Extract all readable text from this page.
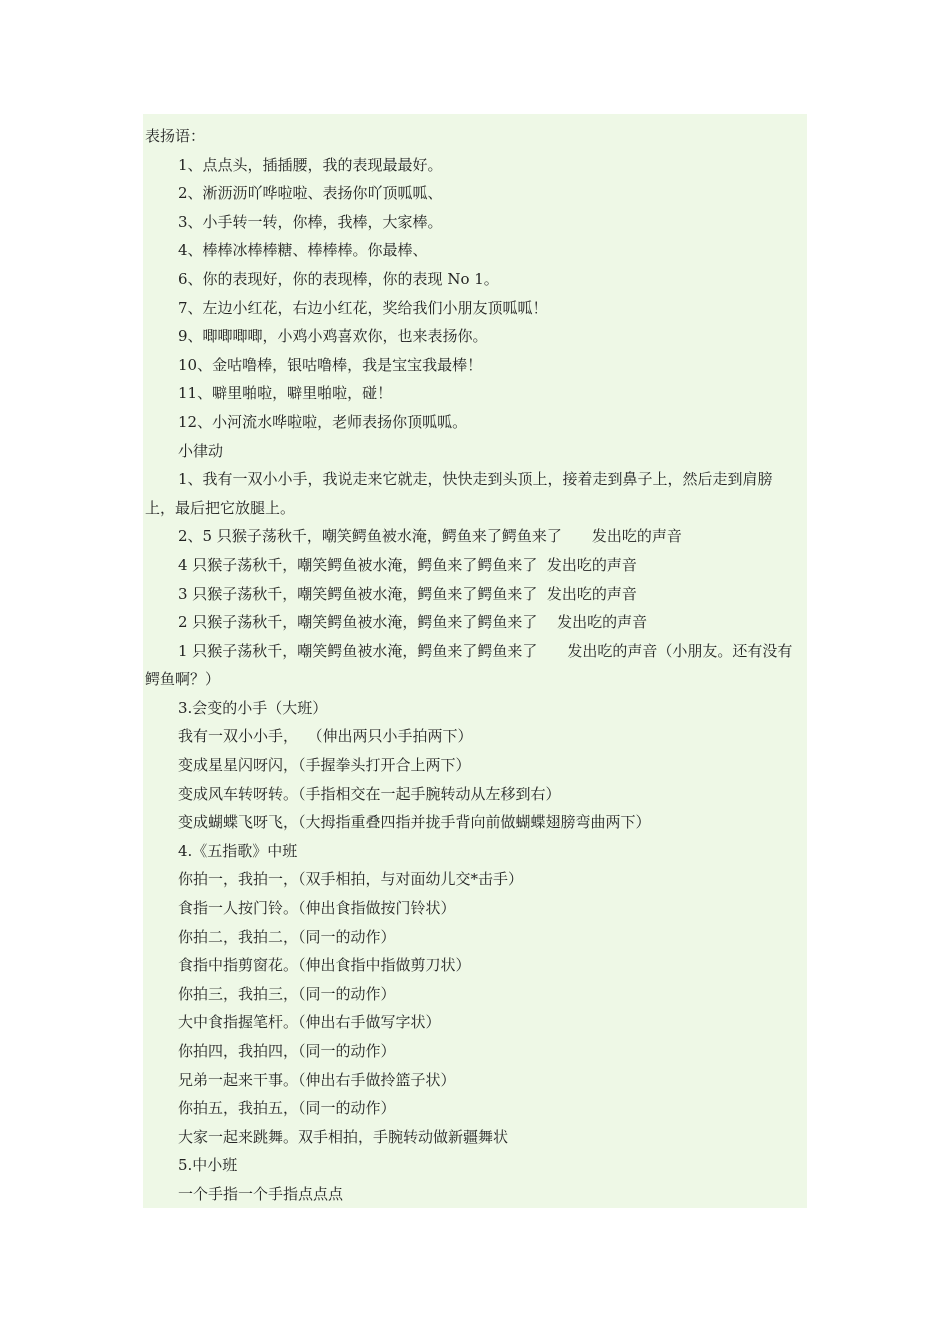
表扬语：

1、点点头，插插腰，我的表现最最好。

2、淅沥沥吖哗啦啦、表扬你吖顶呱呱、

3、小手转一转，你棒，我棒，大家棒。

4、棒棒冰棒棒糖、棒棒棒。你最棒、

6、你的表现好，你的表现棒，你的表现 No 1。

7、左边小红花，右边小红花，奖给我们小朋友顶呱呱！

9、唧唧唧唧，小鸡小鸡喜欢你，也来表扬你。

10、金咕噜棒，银咕噜棒，我是宝宝我最棒！

11、噼里啪啦，噼里啪啦，碰！

12、小河流水哗啦啦，老师表扬你顶呱呱。

小律动

1、我有一双小小手，我说走来它就走，快快走到头顶上，接着走到鼻子上，然后走到肩膀上，最后把它放腿上。

2、5 只猴子荡秋千，嘲笑鳄鱼被水淹，鳄鱼来了鳄鱼来了　　发出吃的声音

4 只猴子荡秋千，嘲笑鳄鱼被水淹，鳄鱼来了鳄鱼来了  发出吃的声音

3 只猴子荡秋千，嘲笑鳄鱼被水淹，鳄鱼来了鳄鱼来了  发出吃的声音

2 只猴子荡秋千，嘲笑鳄鱼被水淹，鳄鱼来了鳄鱼来了　 发出吃的声音

1 只猴子荡秋千，嘲笑鳄鱼被水淹，鳄鱼来了鳄鱼来了　　发出吃的声音（小朋友。还有没有鳄鱼啊？）

3.会变的小手（大班）

我有一双小小手，  （伸出两只小手拍两下）

变成星星闪呀闪，（手握拳头打开合上两下）

变成风车转呀转。（手指相交在一起手腕转动从左移到右）

变成蝴蝶飞呀飞，（大拇指重叠四指并拢手背向前做蝴蝶翅膀弯曲两下）

4.《五指歌》中班

你拍一，我拍一，（双手相拍，与对面幼儿交*击手）

食指一人按门铃。（伸出食指做按门铃状）

你拍二，我拍二，（同一的动作）

食指中指剪窗花。（伸出食指中指做剪刀状）

你拍三，我拍三，（同一的动作）

大中食指握笔杆。（伸出右手做写字状）

你拍四，我拍四，（同一的动作）

兄弟一起来干事。（伸出右手做拎篮子状）

你拍五，我拍五，（同一的动作）

大家一起来跳舞。双手相拍，手腕转动做新疆舞状

5.中小班

一个手指一个手指点点点
